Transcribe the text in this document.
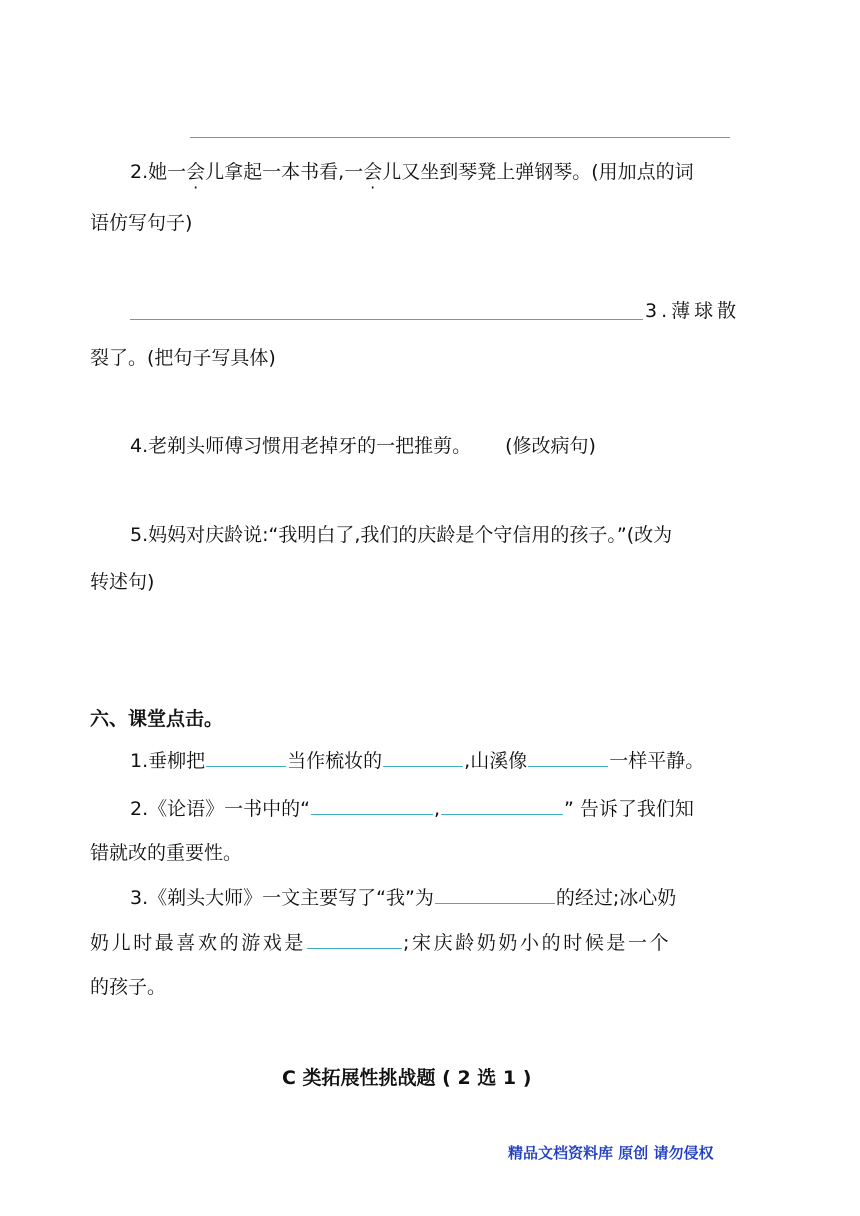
2.她一会儿拿起一本书看,一会儿又坐到琴凳上弹钢琴。(用加点的词
语仿写句子)
3.薄球散
裂了。(把句子写具体)
4.老剃头师傅习惯用老掉牙的一把推剪。 (修改病句)
5.妈妈对庆龄说:“我明白了,我们的庆龄是个守信用的孩子。”(改为
转述句)
六、课堂点击。
1.垂柳把	当作梳妆的	,山溪像	一样平静。
2.《论语》一书中的“	,	” 告诉了我们知
错就改的重要性。
3.《剃头大师》一文主要写了“我”为	的经过;冰心奶
奶儿时最喜欢的游戏是	;宋庆龄奶奶小的时候是一个
的孩子。
C 类拓展性挑战题 ( 2 选 1 )
精品文档资料库 原创 请勿侵权
